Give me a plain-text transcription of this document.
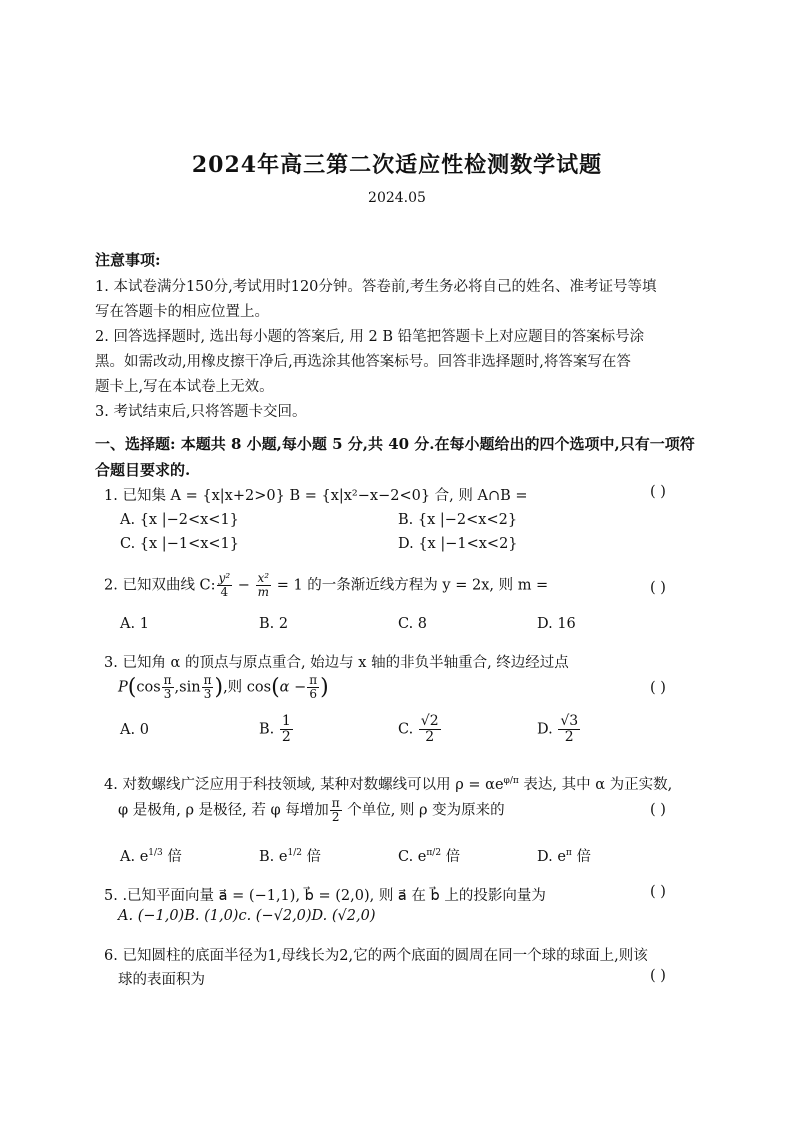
2024年高三第二次适应性检测数学试题
2024.05
注意事项:
1. 本试卷满分150分,考试用时120分钟。答卷前,考生务必将自己的姓名、准考证号等填
写在答题卡的相应位置上。
2. 回答选择题时, 选出每小题的答案后, 用 2 B 铅笔把答题卡上对应题目的答案标号涂
黑。如需改动,用橡皮擦干净后,再选涂其他答案标号。回答非选择题时,将答案写在答
题卡上,写在本试卷上无效。
3. 考试结束后,只将答题卡交回。
一、选择题: 本题共 8 小题,每小题 5 分,共 40 分.在每小题给出的四个选项中,只有一项符
合题目要求的.
1. 已知集 A = {x|x+2>0} B = {x|x²−x−2<0} 合, 则 A∩B =	( )
A. {x |−2<x<1}	B. {x |−2<x<2}
C. {x |−1<x<1}	D. {x |−1<x<2}
2. 已知双曲线 C: $\frac{\text{y²}}{4} - \frac{\text{x²}}{m} = 1$ 的一条渐近线方程为 y = 2x, 则 m =	( )
A. 1	B. 2	C. 8	D. 16
3. 已知角 α 的顶点与原点重合, 始边与 x 轴的非负半轴重合, 终边经过点
$P(\cos \frac{\pi}{3} ,\sin \frac{\pi}{3}$ ),则 $\cos(\alpha - \frac{\pi}{6}$ )	( )
A. 0	B. $\frac{1}{2}$	C. $\frac{√2}{2}$	D. $\frac{√3}{2}$
4. 对数螺线广泛应用于科技领域, 某种对数螺线可以用 $\rho = \alpha e^{\varphi/\pi}$ 表达, 其中 α 为正实数,
φ 是极角, ρ 是极径, 若 φ 每增加 $\frac{\pi}{2}$ 个单位, 则 ρ 变为原来的	( )
A. $e^{1/3}$ 倍	B. $e^{1/2}$ 倍	C. $e^{\pi/2}$ 倍	D. $e^\pi$ 倍
5. .已知平面向量 a⃗ = (−1,1), b⃗ = (2,0), 则 a⃗ 在 b⃗ 上的投影向量为	( )
A. (−1,0)B. (1,0)c. (−√2,0)D. (√2,0)
6. 已知圆柱的底面半径为1,母线长为2,它的两个底面的圆周在同一个球的球面上,则该
球的表面积为	( )
